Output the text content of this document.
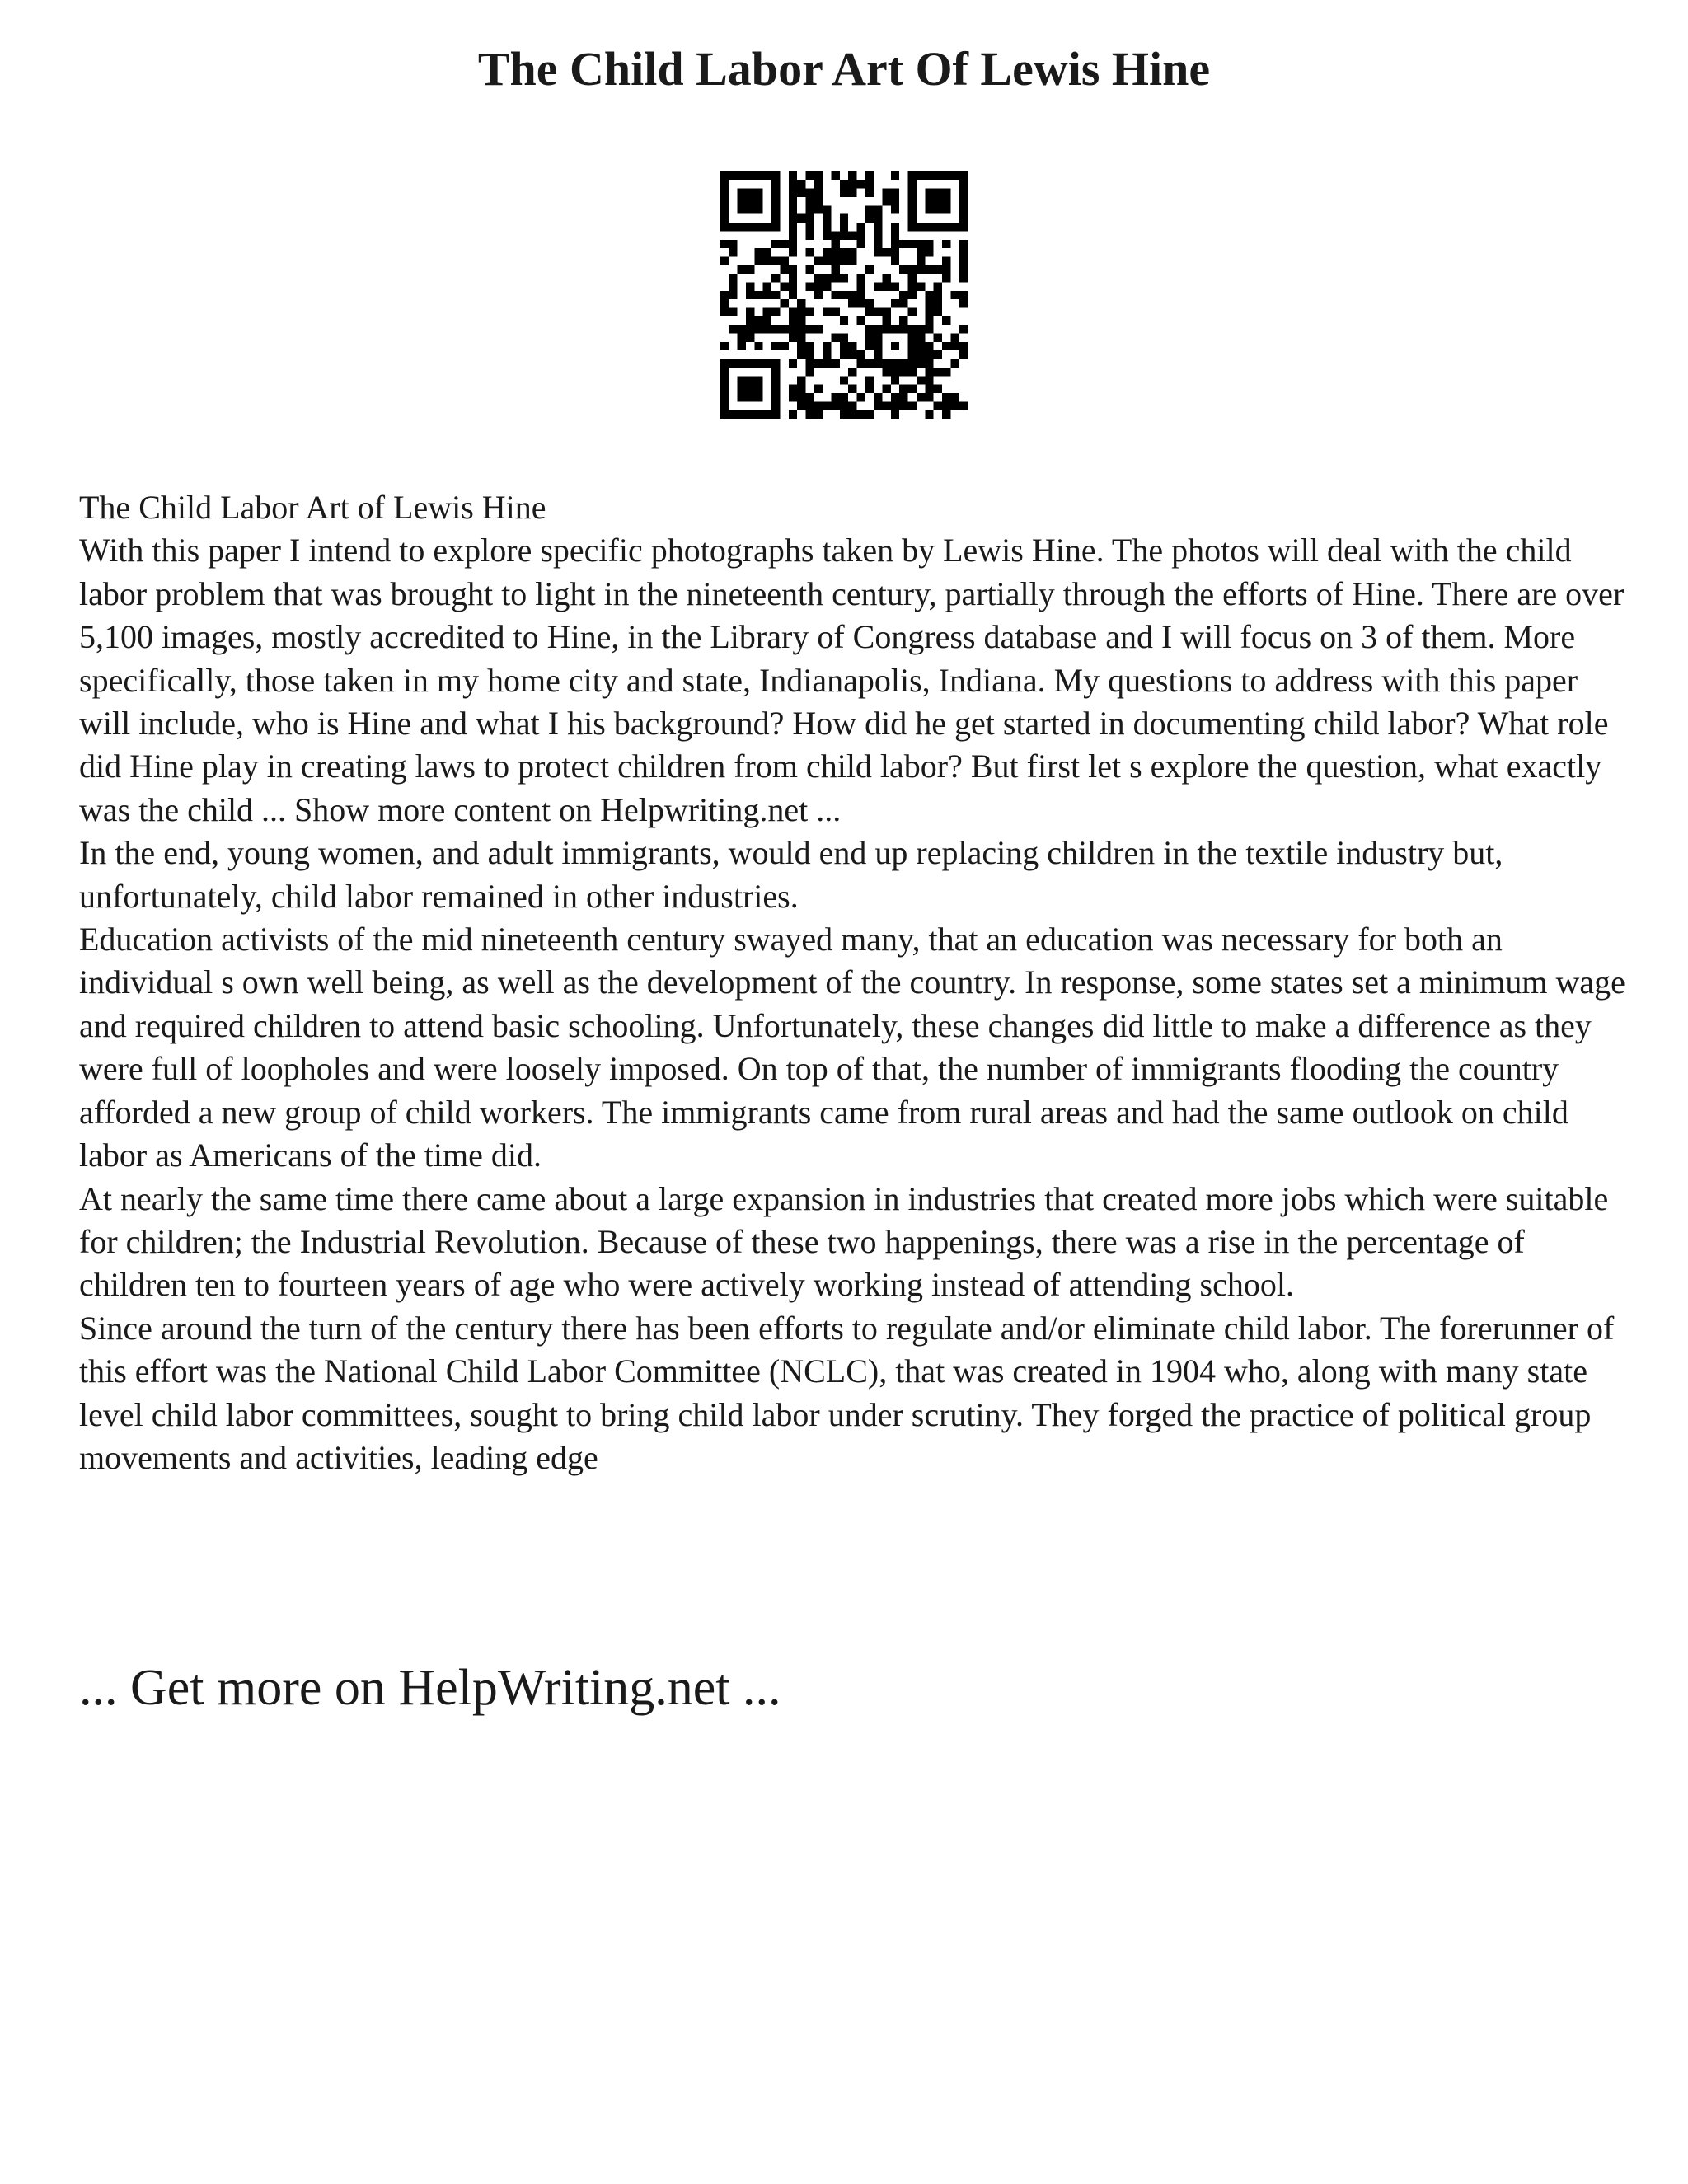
The Child Labor Art Of Lewis Hine

The Child Labor Art of Lewis Hine

With this paper I intend to explore specific photographs taken by Lewis Hine. The photos will deal with the child labor problem that was brought to light in the nineteenth century, partially through the efforts of Hine. There are over 5,100 images, mostly accredited to Hine, in the Library of Congress database and I will focus on 3 of them. More specifically, those taken in my home city and state, Indianapolis, Indiana. My questions to address with this paper will include, who is Hine and what I his background? How did he get started in documenting child labor? What role did Hine play in creating laws to protect children from child labor? But first let s explore the question, what exactly was the child ... Show more content on Helpwriting.net ...

In the end, young women, and adult immigrants, would end up replacing children in the textile industry but, unfortunately, child labor remained in other industries.

Education activists of the mid nineteenth century swayed many, that an education was necessary for both an individual s own well being, as well as the development of the country. In response, some states set a minimum wage and required children to attend basic schooling. Unfortunately, these changes did little to make a difference as they were full of loopholes and were loosely imposed. On top of that, the number of immigrants flooding the country afforded a new group of child workers. The immigrants came from rural areas and had the same outlook on child labor as Americans of the time did.

At nearly the same time there came about a large expansion in industries that created more jobs which were suitable for children; the Industrial Revolution. Because of these two happenings, there was a rise in the percentage of children ten to fourteen years of age who were actively working instead of attending school.

Since around the turn of the century there has been efforts to regulate and/or eliminate child labor. The forerunner of this effort was the National Child Labor Committee (NCLC), that was created in 1904 who, along with many state level child labor committees, sought to bring child labor under scrutiny. They forged the practice of political group movements and activities, leading edge

... Get more on HelpWriting.net ...
